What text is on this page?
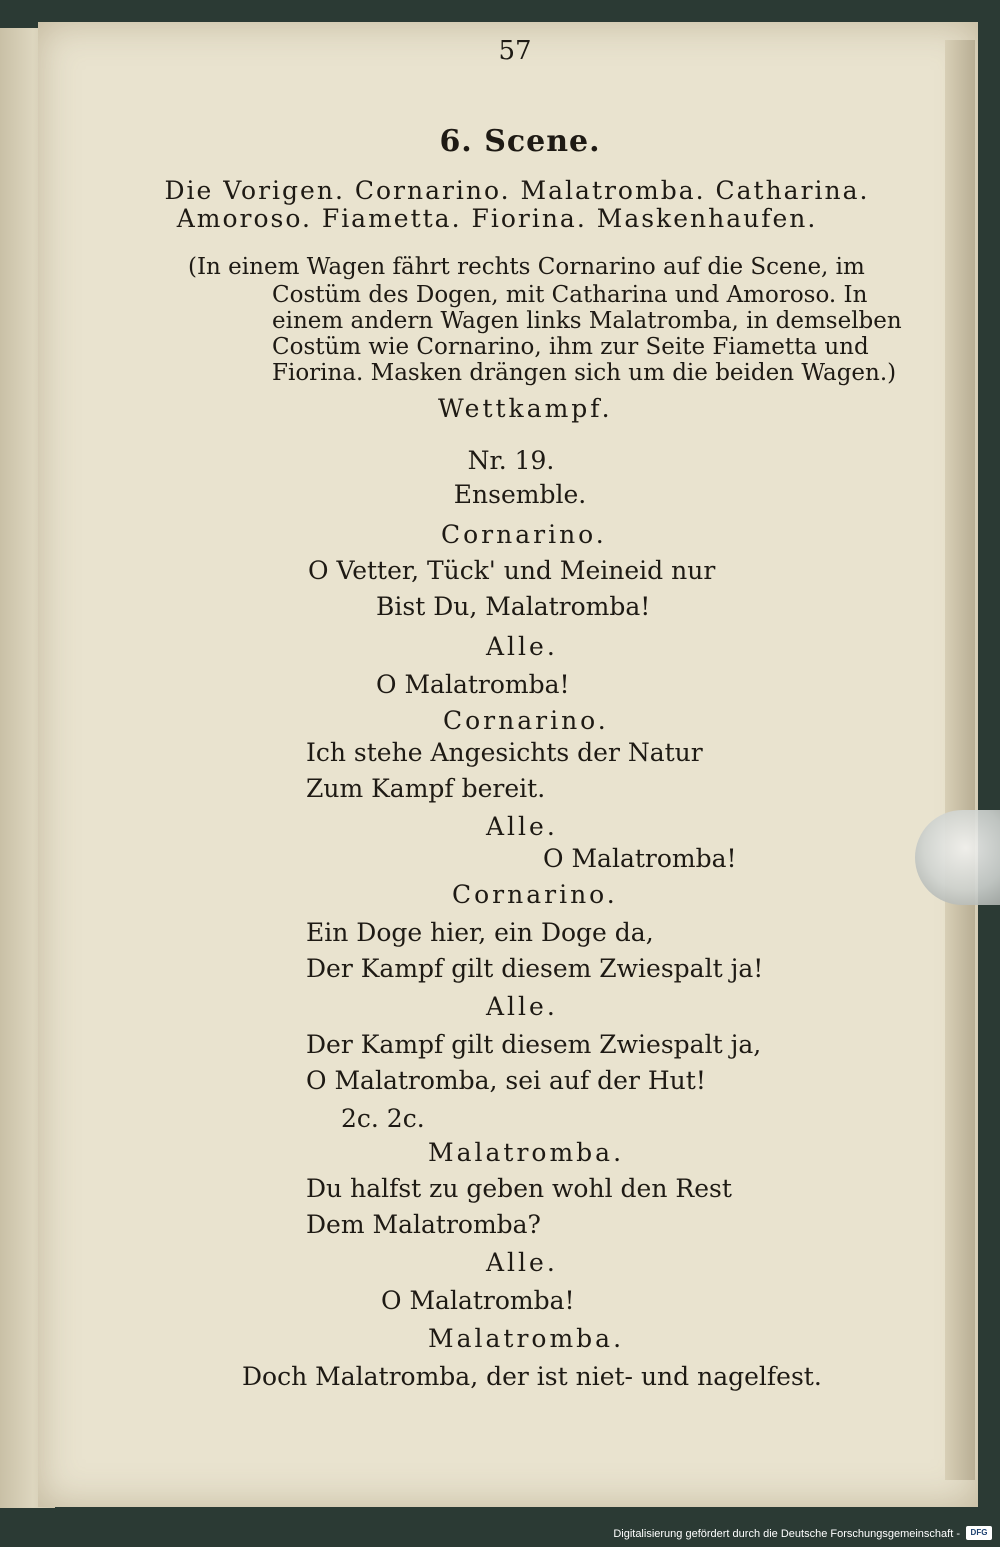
57
6. Scene.
Die Vorigen. Cornarino. Malatromba. Catharina.
Amoroso. Fiametta. Fiorina. Maskenhaufen.
(In einem Wagen fährt rechts Cornarino auf die Scene, im
Costüm des Dogen, mit Catharina und Amoroso. In
einem andern Wagen links Malatromba, in demselben
Costüm wie Cornarino, ihm zur Seite Fiametta und
Fiorina. Masken drängen sich um die beiden Wagen.)
Wettkampf.
Nr. 19.
Ensemble.
Cornarino.
O Vetter, Tück' und Meineid nur
Bist Du, Malatromba!
Alle.
O Malatromba!
Cornarino.
Ich stehe Angesichts der Natur
Zum Kampf bereit.
Alle.
O Malatromba!
Cornarino.
Ein Doge hier, ein Doge da,
Der Kampf gilt diesem Zwiespalt ja!
Alle.
Der Kampf gilt diesem Zwiespalt ja,
O Malatromba, sei auf der Hut!
2c. 2c.
Malatromba.
Du halfst zu geben wohl den Rest
Dem Malatromba?
Alle.
O Malatromba!
Malatromba.
Doch Malatromba, der ist niet- und nagelfest.
Digitalisierung gefördert durch die Deutsche Forschungsgemeinschaft -	DFG
